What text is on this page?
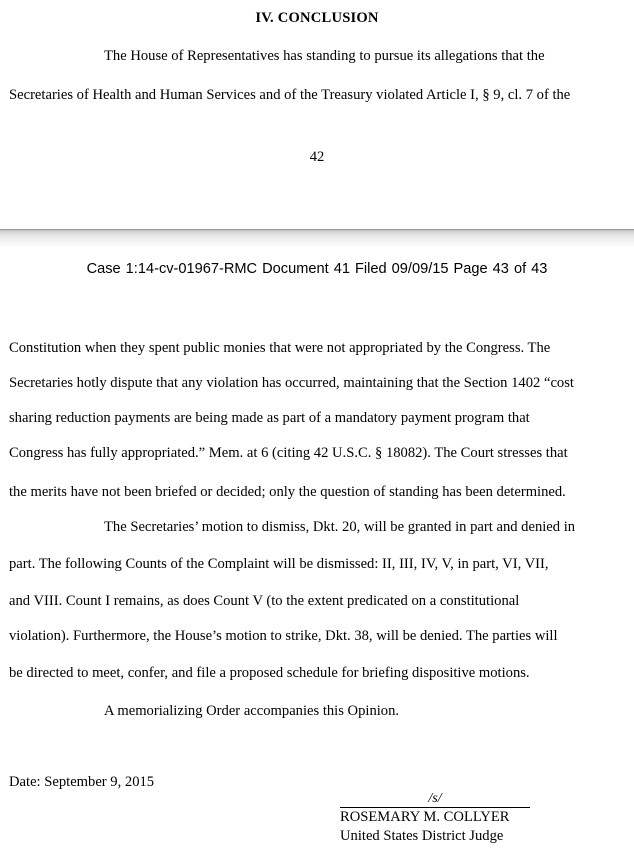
IV. CONCLUSION
The House of Representatives has standing to pursue its allegations that the
Secretaries of Health and Human Services and of the Treasury violated Article I, § 9, cl. 7 of the
42
Case 1:14-cv-01967-RMC Document 41 Filed 09/09/15 Page 43 of 43
Constitution when they spent public monies that were not appropriated by the Congress. The
Secretaries hotly dispute that any violation has occurred, maintaining that the Section 1402 “cost
sharing reduction payments are being made as part of a mandatory payment program that
Congress has fully appropriated.” Mem. at 6 (citing 42 U.S.C. § 18082). The Court stresses that
the merits have not been briefed or decided; only the question of standing has been determined.
The Secretaries’ motion to dismiss, Dkt. 20, will be granted in part and denied in
part. The following Counts of the Complaint will be dismissed: II, III, IV, V, in part, VI, VII,
and VIII. Count I remains, as does Count V (to the extent predicated on a constitutional
violation). Furthermore, the House’s motion to strike, Dkt. 38, will be denied. The parties will
be directed to meet, confer, and file a proposed schedule for briefing dispositive motions.
A memorializing Order accompanies this Opinion.
Date: September 9, 2015
/s/
ROSEMARY M. COLLYER
United States District Judge
